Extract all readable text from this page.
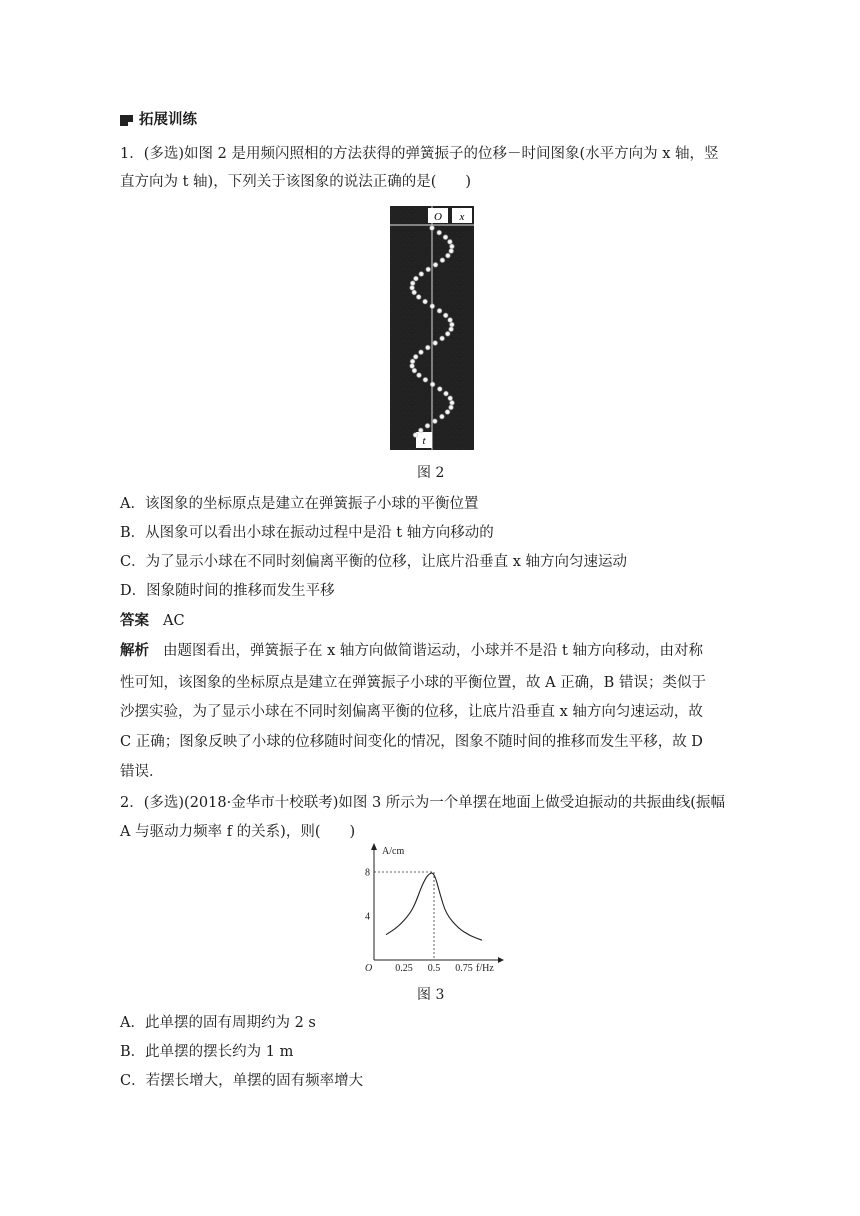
拓展训练
1．(多选)如图 2 是用频闪照相的方法获得的弹簧振子的位移－时间图象(水平方向为 x 轴，竖
直方向为 t 轴)，下列关于该图象的说法正确的是(　　)
O x
t
图 2
A．该图象的坐标原点是建立在弹簧振子小球的平衡位置
B．从图象可以看出小球在振动过程中是沿 t 轴方向移动的
C．为了显示小球在不同时刻偏离平衡的位移，让底片沿垂直 x 轴方向匀速运动
D．图象随时间的推移而发生平移
答案 AC
解析 由题图看出，弹簧振子在 x 轴方向做简谐运动，小球并不是沿 t 轴方向移动，由对称
性可知，该图象的坐标原点是建立在弹簧振子小球的平衡位置，故 A 正确，B 错误；类似于
沙摆实验，为了显示小球在不同时刻偏离平衡的位移，让底片沿垂直 x 轴方向匀速运动，故
C 正确；图象反映了小球的位移随时间变化的情况，图象不随时间的推移而发生平移，故 D
错误．
2．(多选)(2018·金华市十校联考)如图 3 所示为一个单摆在地面上做受迫振动的共振曲线(振幅
A 与驱动力频率 f 的关系)，则(　　)
A/cm
f/Hz
O 0.25 0.5 0.75
4
8
图 3
A．此单摆的固有周期约为 2 s
B．此单摆的摆长约为 1 m
C．若摆长增大，单摆的固有频率增大
